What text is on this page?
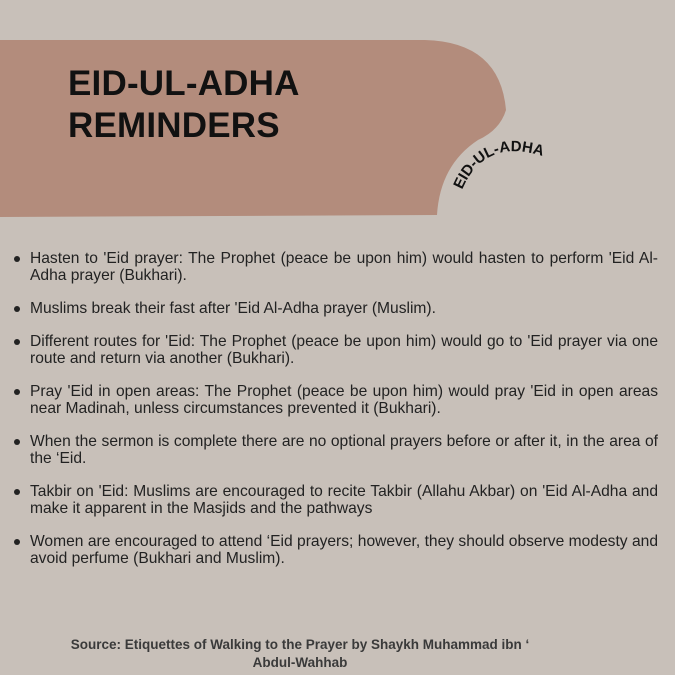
EID-UL-ADHA
EID-UL-ADHA
REMINDERS
Hasten to 'Eid prayer: The Prophet (peace be upon him) would hasten to perform 'Eid Al-Adha prayer (Bukhari).
Muslims break their fast after 'Eid Al-Adha prayer (Muslim).
Different routes for 'Eid: The Prophet (peace be upon him) would go to 'Eid prayer via one route and return via another (Bukhari).
Pray 'Eid in open areas: The Prophet (peace be upon him) would pray 'Eid in open areas near Madinah, unless circumstances prevented it (Bukhari).
When the sermon is complete there are no optional prayers before or after it, in the area of the ‘Eid.
Takbir on 'Eid: Muslims are encouraged to recite Takbir (Allahu Akbar) on 'Eid Al-Adha and make it apparent in the Masjids and the pathways
Women are encouraged to attend ‘Eid prayers; however, they should observe modesty and avoid perfume (Bukhari and Muslim).
Source: Etiquettes of Walking to the Prayer by Shaykh Muhammad ibn ‘
Abdul-Wahhab
